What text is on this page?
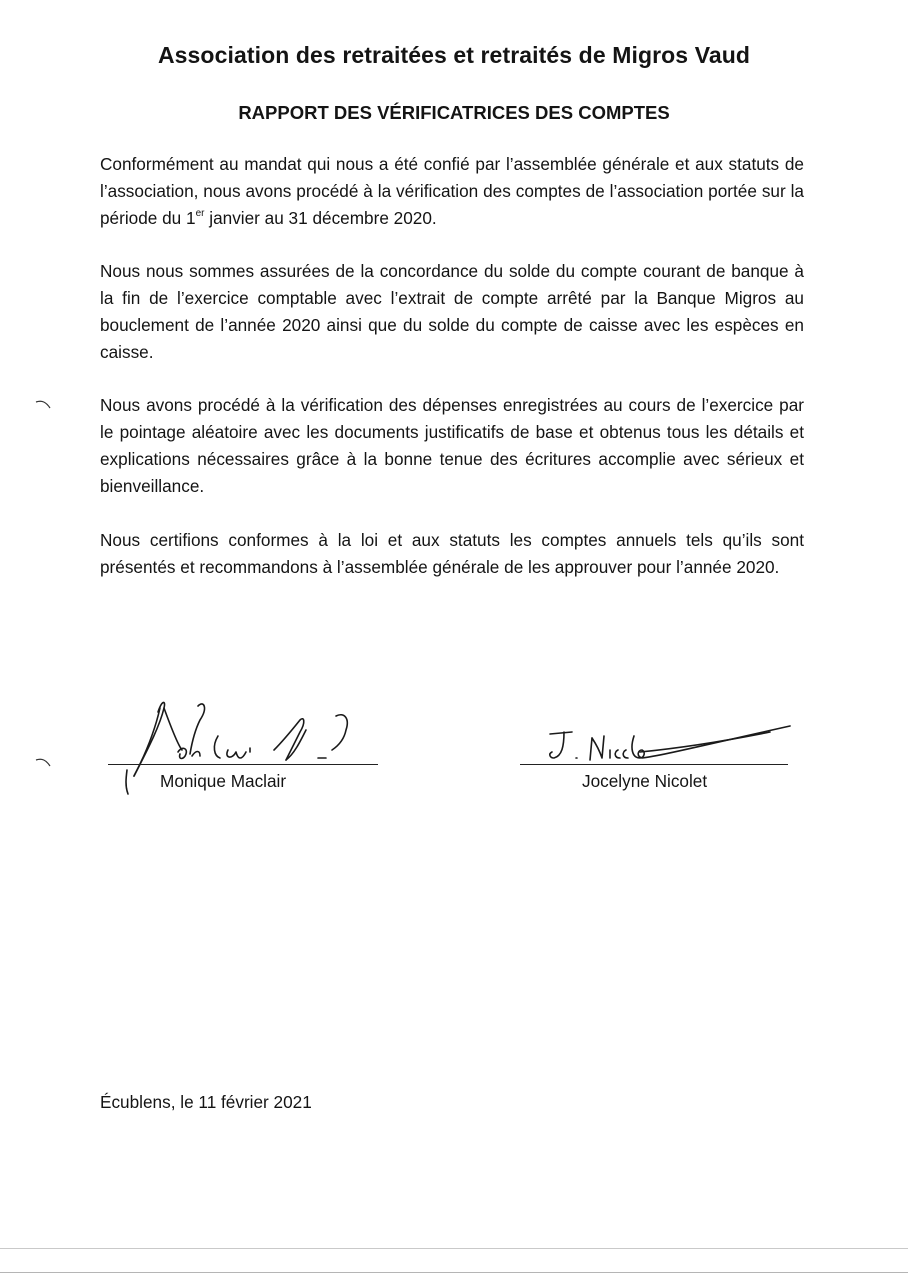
Association des retraitées et retraités de Migros Vaud
RAPPORT DES VÉRIFICATRICES DES COMPTES
Conformément au mandat qui nous a été confié par l’assemblée générale et aux statuts de l’association, nous avons procédé à la vérification des comptes de l’association portée sur la période du 1er janvier au 31 décembre 2020.
Nous nous sommes assurées de la concordance du solde du compte courant de banque à la fin de l’exercice comptable avec l’extrait de compte arrêté par la Banque Migros au bouclement de l’année 2020 ainsi que du solde du compte de caisse avec les espèces en caisse.
Nous avons procédé à la vérification des dépenses enregistrées au cours de l’exercice par le pointage aléatoire avec les documents justificatifs de base et obtenus tous les détails et explications nécessaires grâce à la bonne tenue des écritures accomplie avec sérieux et bienveillance.
Nous certifions conformes à la loi et aux statuts les comptes annuels tels qu’ils sont présentés et recommandons à l’assemblée générale de les approuver pour l’année 2020.
Monique Maclair	Jocelyne Nicolet
Écublens, le 11 février 2021
